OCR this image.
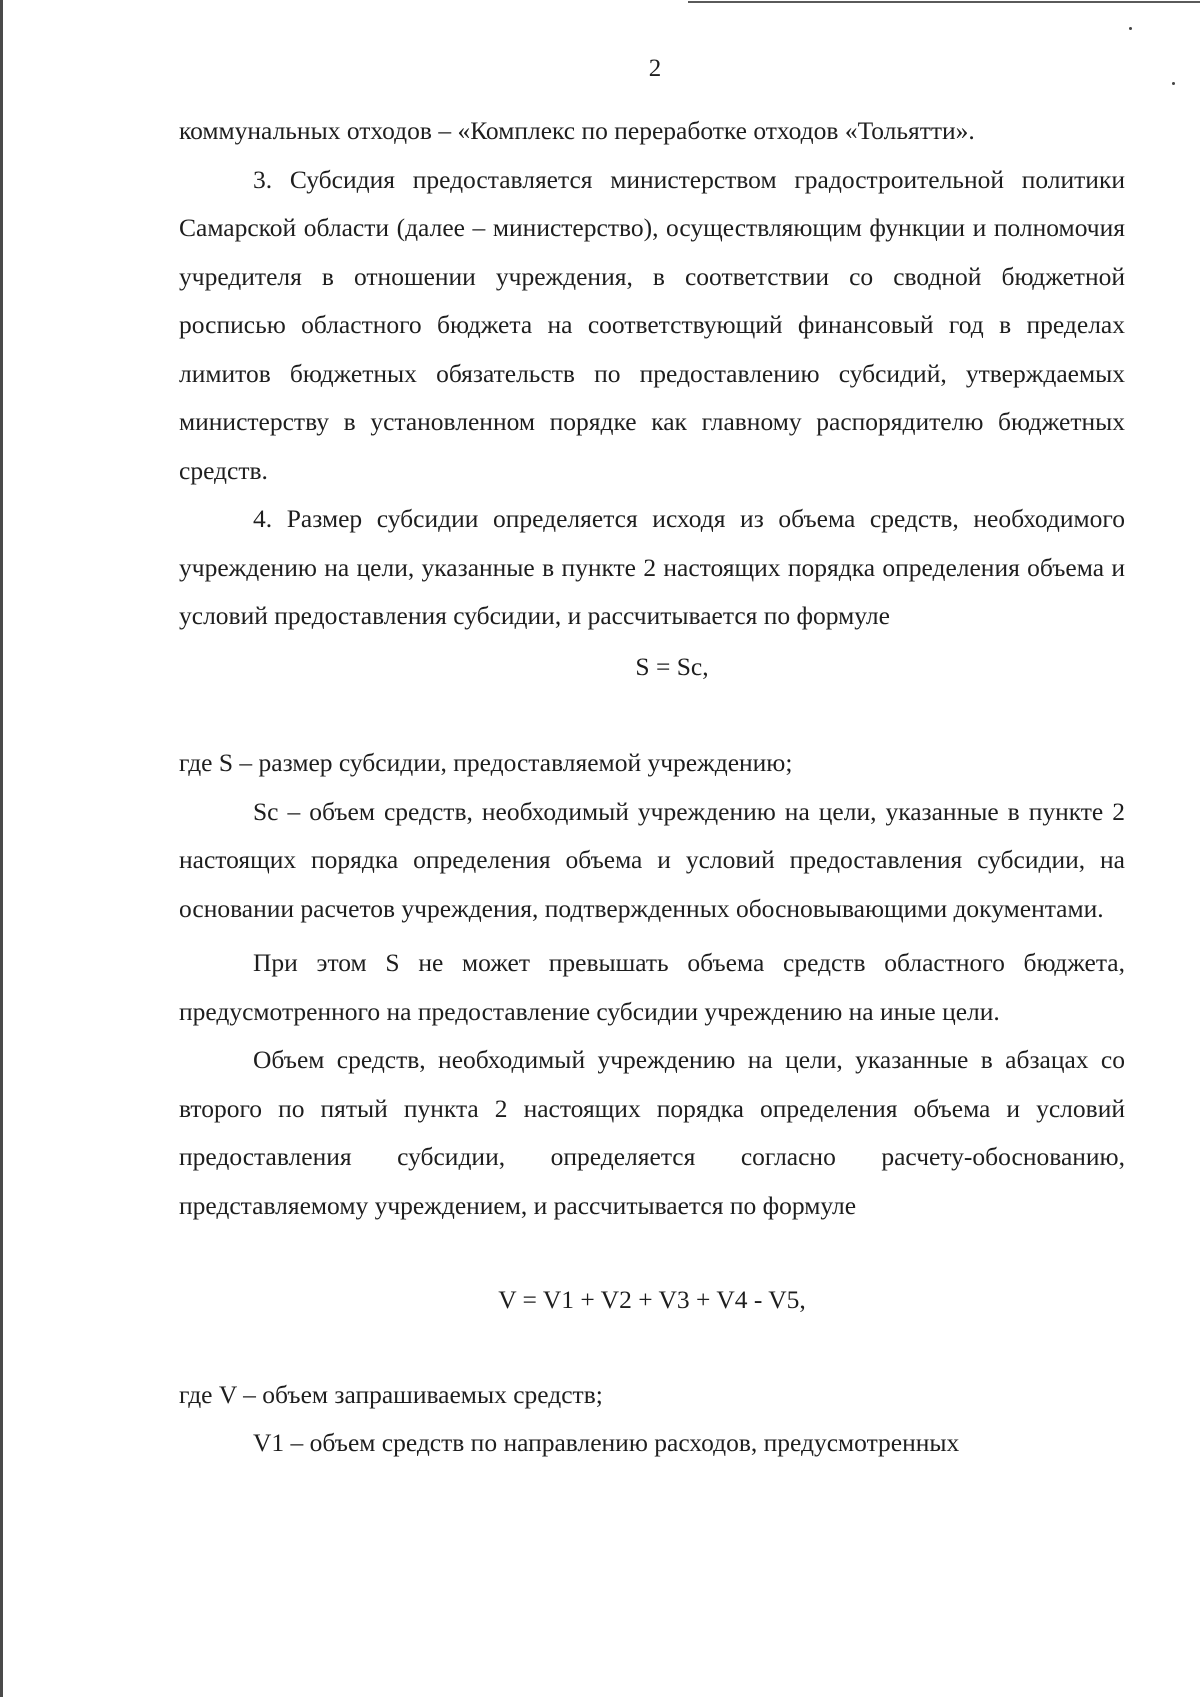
2

коммунальных отходов – «Комплекс по переработке отходов «Тольятти».

3. Субсидия предоставляется министерством градостроительной политики Самарской области (далее – министерство), осуществляющим функции и полномочия учредителя в отношении учреждения, в соответствии со сводной бюджетной росписью областного бюджета на соответствующий финансовый год в пределах лимитов бюджетных обязательств по предоставлению субсидий, утверждаемых министерству в установленном порядке как главному распорядителю бюджетных средств.

4. Размер субсидии определяется исходя из объема средств, необходимого учреждению на цели, указанные в пункте 2 настоящих порядка определения объема и условий предоставления субсидии, и рассчитывается по формуле

S = Sc,

где S – размер субсидии, предоставляемой учреждению;

Sc – объем средств, необходимый учреждению на цели, указанные в пункте 2 настоящих порядка определения объема и условий предоставления субсидии, на основании расчетов учреждения, подтвержденных обосновывающими документами.

При этом S не может превышать объема средств областного бюджета, предусмотренного на предоставление субсидии учреждению на иные цели.

Объем средств, необходимый учреждению на цели, указанные в абзацах со второго по пятый пункта 2 настоящих порядка определения объема и условий предоставления субсидии, определяется согласно расчету-обоснованию, представляемому учреждением, и рассчитывается по формуле

V = V1 + V2 + V3 + V4 - V5,

где V – объем запрашиваемых средств;

V1 – объем средств по направлению расходов, предусмотренных
